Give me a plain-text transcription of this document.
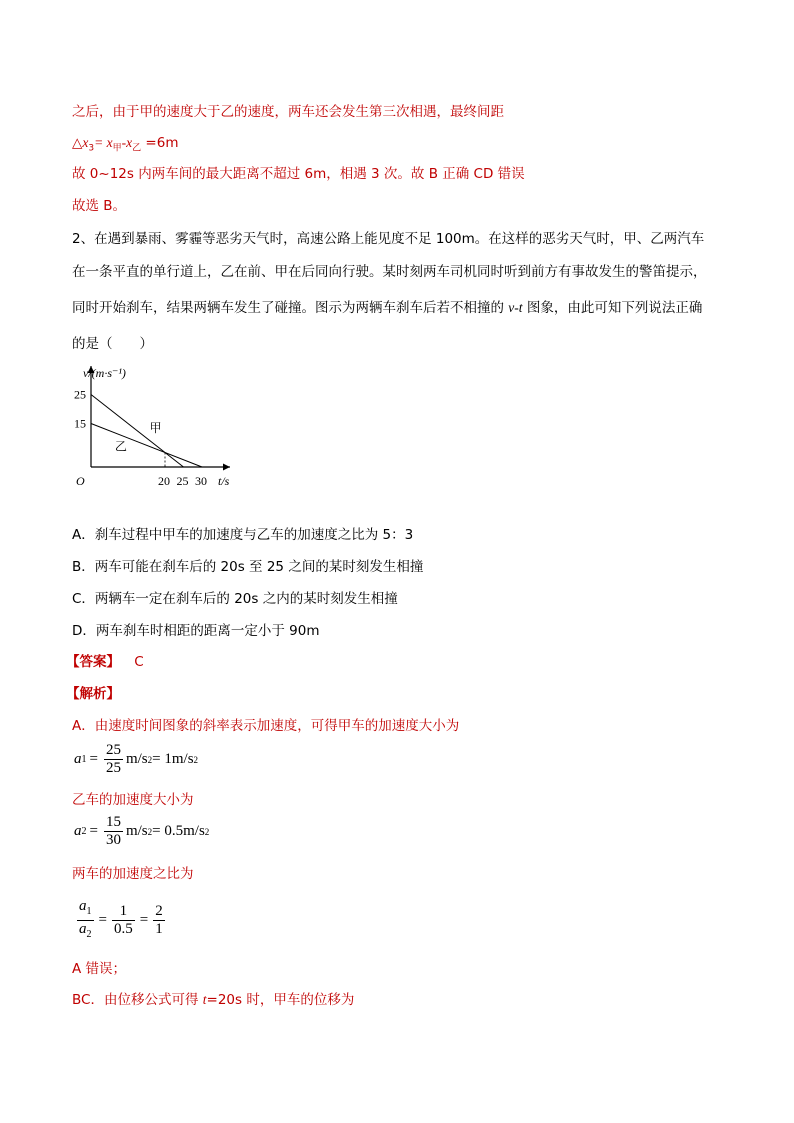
之后，由于甲的速度大于乙的速度，两车还会发生第三次相遇，最终间距
$\triangle x_3= x_甲-x_乙 =6m$
故 0~12s 内两车间的最大距离不超过 6m，相遇 3 次。故 B 正确 CD 错误
故选 B。
2、在遇到暴雨、雾霾等恶劣天气时，高速公路上能见度不足 100m。在这样的恶劣天气时，甲、乙两汽车
在一条平直的单行道上，乙在前、甲在后同向行驶。某时刻两车司机同时听到前方有事故发生的警笛提示，
同时开始刹车，结果两辆车发生了碰撞。图示为两辆车刹车后若不相撞的 v-t 图象，由此可知下列说法正确
的是（　　）
v/(m·s⁻¹)
t/s
O
25
15
20 25 30
甲
乙
A．刹车过程中甲车的加速度与乙车的加速度之比为 5：3
B．两车可能在刹车后的 20s 至 25 之间的某时刻发生相撞
C．两辆车一定在刹车后的 20s 之内的某时刻发生相撞
D．两车刹车时相距的距离一定小于 90m
【答案】 C
【解析】
A．由速度时间图象的斜率表示加速度，可得甲车的加速度大小为
a $1 = \frac{25}{25} m/s$ 2 = 1m/s 2
乙车的加速度大小为
a $2 = \frac{15}{30} m/s$ 2 = 0.5m/s 2
两车的加速度之比为
$\frac{a_1}{a_2} = \frac{1}{0.5} = \frac{2}{1}$
A 错误；
BC．由位移公式可得 t=20s 时，甲车的位移为
